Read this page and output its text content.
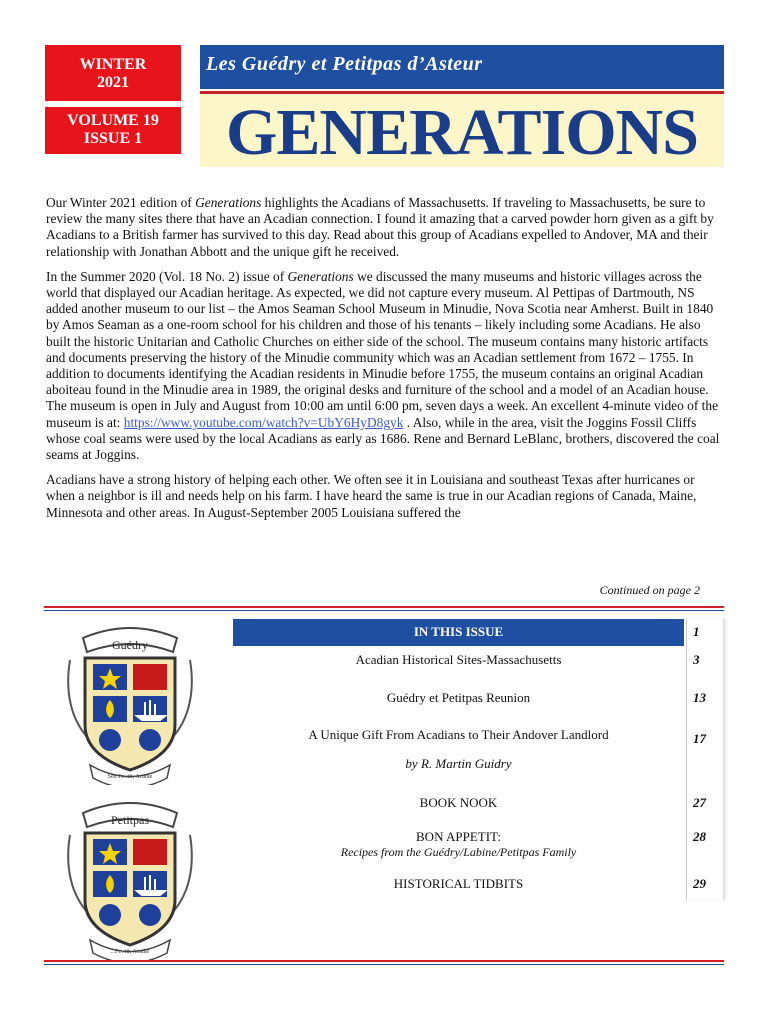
WINTER
2021
VOLUME 19
ISSUE 1
Les Guédry et Petitpas d’Asteur
GENERATIONS

Our Winter 2021 edition of Generations highlights the Acadians of Massachusetts. If traveling to Massachusetts, be sure to review the many sites there that have an Acadian connection. I found it amazing that a carved powder horn given as a gift by Acadians to a British farmer has survived to this day. Read about this group of Acadians expelled to Andover, MA and their relationship with Jonathan Abbott and the unique gift he received.

In the Summer 2020 (Vol. 18 No. 2) issue of Generations we discussed the many museums and historic villages across the world that displayed our Acadian heritage. As expected, we did not capture every museum. Al Pettipas of Dartmouth, NS added another museum to our list – the Amos Seaman School Museum in Minudie, Nova Scotia near Amherst. Built in 1840 by Amos Seaman as a one-room school for his children and those of his tenants – likely including some Acadians. He also built the historic Unitarian and Catholic Churches on either side of the school. The museum contains many historic artifacts and documents preserving the history of the Minudie community which was an Acadian settlement from 1672 – 1755. In addition to documents identifying the Acadian residents in Minudie before 1755, the museum contains an original Acadian aboiteau found in the Minudie area in 1989, the original desks and furniture of the school and a model of an Acadian house. The museum is open in July and August from 10:00 am until 6:00 pm, seven days a week. An excellent 4-minute video of the museum is at: https://www.youtube.com/watch?v=UbY6HyD8gyk . Also, while in the area, visit the Joggins Fossil Cliffs whose coal seams were used by the local Acadians as early as 1686. Rene and Bernard LeBlanc, brothers, discovered the coal seams at Joggins.

Acadians have a strong history of helping each other. We often see it in Louisiana and southeast Texas after hurricanes or when a neighbor is ill and needs help on his farm. I have heard the same is true in our Acadian regions of Canada, Maine, Minnesota and other areas. In August-September 2005 Louisiana suffered the

Continued on page 2
Guédry
Seu Fr...iii, Acadie
Petitpas
...Fr...iii, Acadie
IN THIS ISSUE	1
Acadian Historical Sites-Massachusetts	3
Guédry et Petitpas Reunion	13
A Unique Gift From Acadians to Their Andover Landlord	17
by R. Martin Guidry
BOOK NOOK	27
BON APPETIT:	28
Recipes from the Guédry/Labine/Petitpas Family
HISTORICAL TIDBITS	29
